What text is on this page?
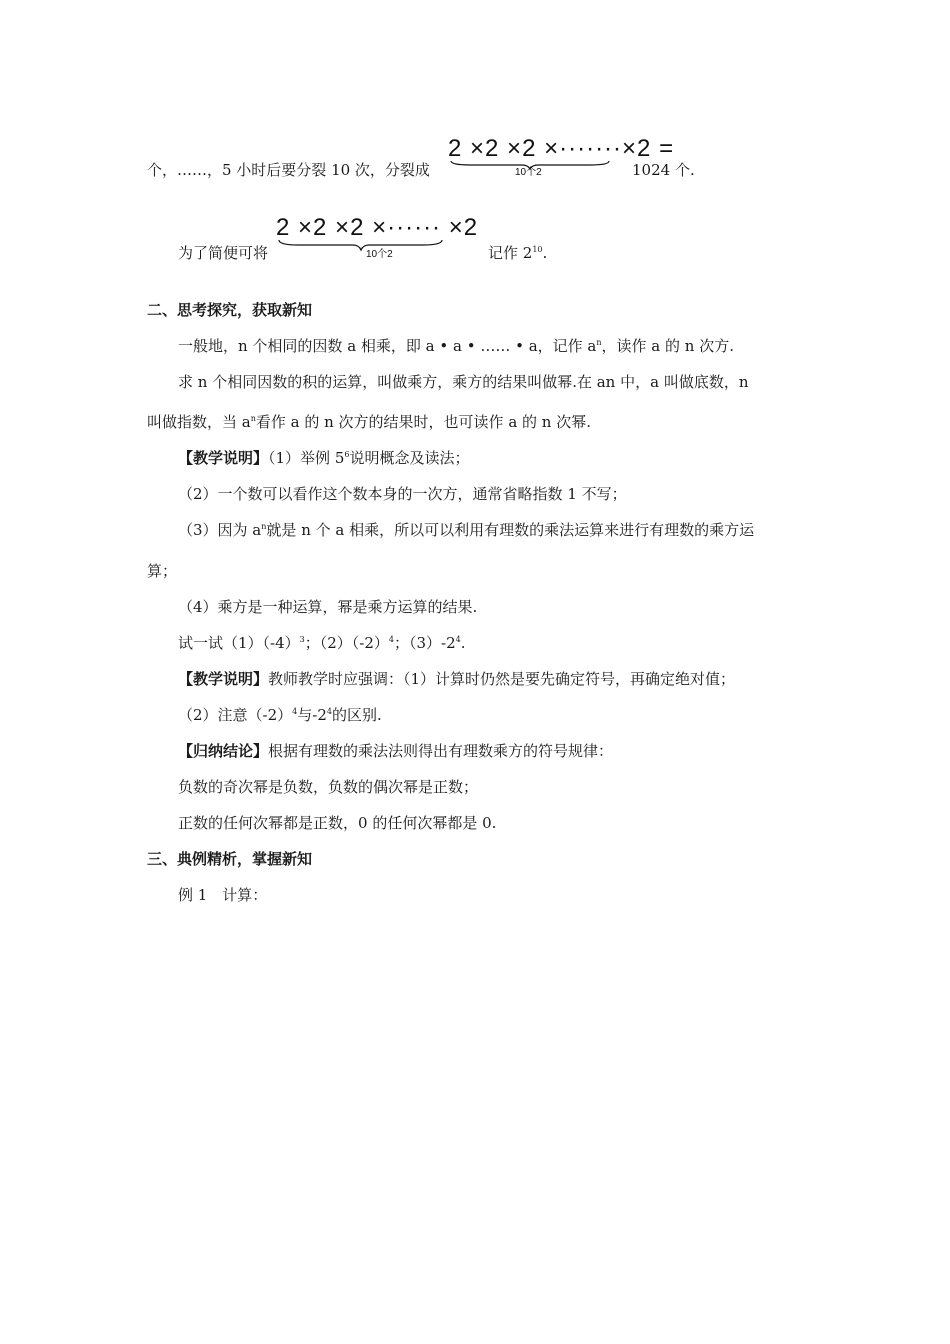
2 ×2 ×2 ×·······×2 =
10个2
个，……，5 小时后要分裂 10 次，分裂成	1024 个.
2 ×2 ×2 ×······ ×2
10个2
为了简便可将	记作 $2^{10}$.
二、思考探究，获取新知
一般地，n 个相同的因数 a 相乘，即 a • a • …… • a，记作 $a^n$，读作 a 的 n 次方.
求 n 个相同因数的积的运算，叫做乘方，乘方的结果叫做幂.在 an 中，a 叫做底数，n
叫做指数，当 $a^n$看作 a 的 n 次方的结果时，也可读作 a 的 n 次幂.
【教学说明】（1）举例 $5^6$说明概念及读法；
（2）一个数可以看作这个数本身的一次方，通常省略指数 1 不写；
（3）因为 $a^n$就是 n 个 a 相乘，所以可以利用有理数的乘法运算来进行有理数的乘方运
算；
（4）乘方是一种运算，幂是乘方运算的结果.
试一试$(1)(-4)^3$；$(2)(-2)^4$；$(3)-2^4$.
【教学说明】教师教学时应强调：（1）计算时仍然是要先确定符号，再确定绝对值；
（2）注意$(-2)^4$与$-2^4$的区别.
【归纳结论】根据有理数的乘法法则得出有理数乘方的符号规律：
负数的奇次幂是负数，负数的偶次幂是正数；
正数的任何次幂都是正数，0 的任何次幂都是 0.
三、典例精析，掌握新知
例 1　计算：
